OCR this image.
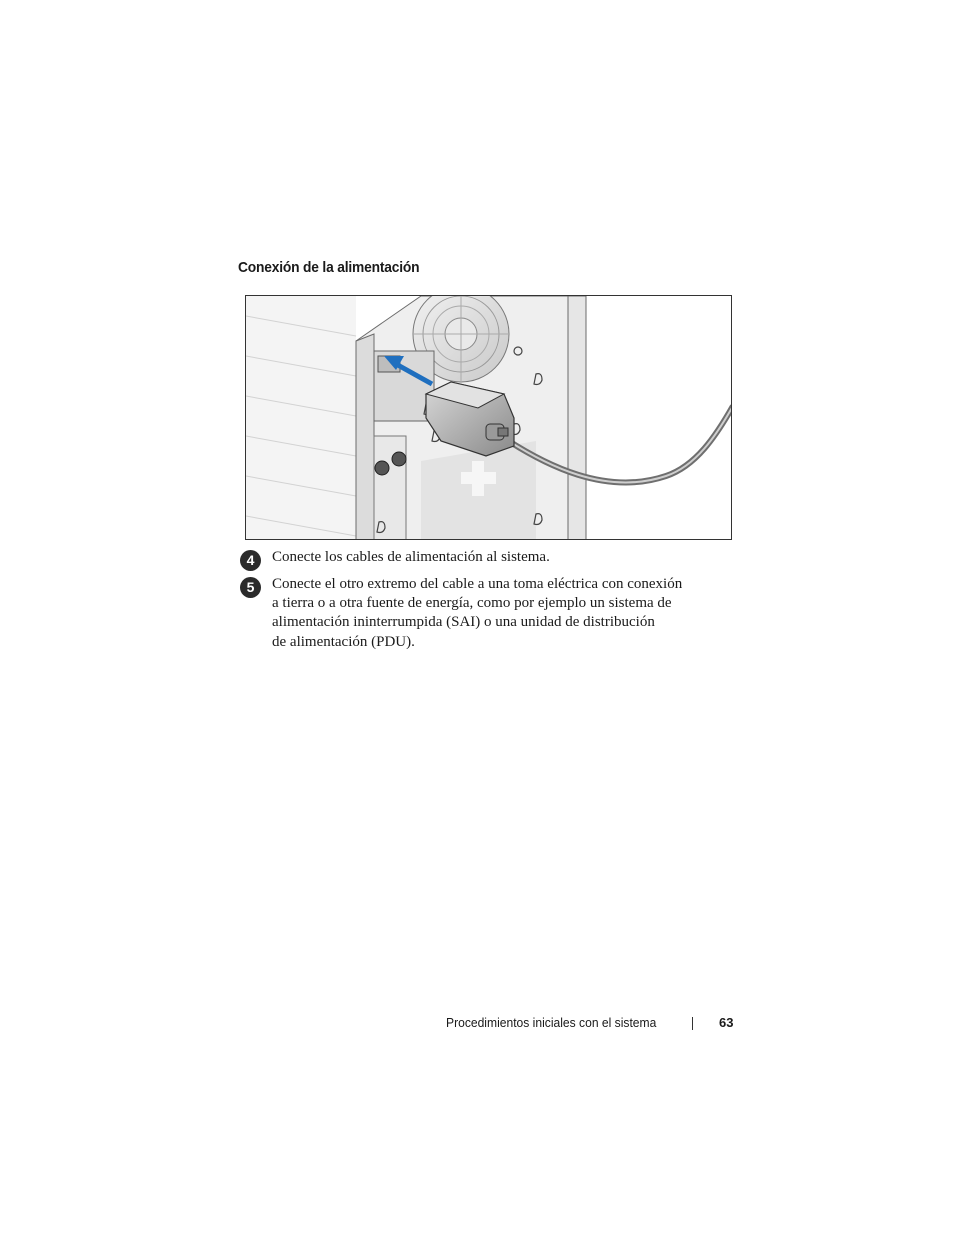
Conexión de la alimentación
4	Conecte los cables de alimentación al sistema.
5	Conecte el otro extremo del cable a una toma eléctrica con conexión
a tierra o a otra fuente de energía, como por ejemplo un sistema de
alimentación ininterrumpida (SAI) o una unidad de distribución
de alimentación (PDU).
Procedimientos iniciales con el sistema	63
